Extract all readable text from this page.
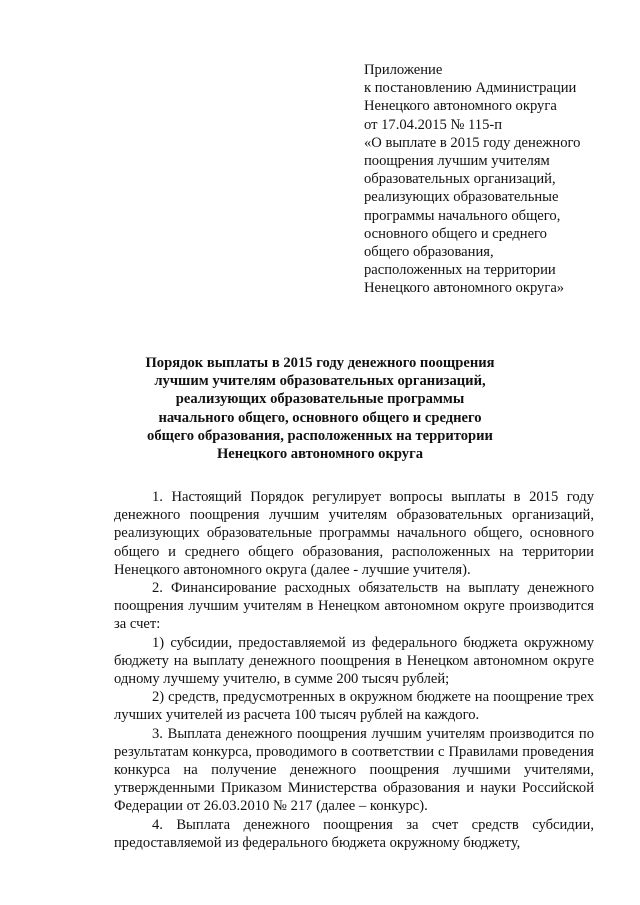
Приложение
к постановлению Администрации
Ненецкого автономного округа
от 17.04.2015 № 115-п
«О выплате в 2015 году денежного
поощрения лучшим учителям
образовательных организаций,
реализующих образовательные
программы начального общего,
основного общего и среднего
общего образования,
расположенных на территории
Ненецкого автономного округа»
Порядок выплаты в 2015 году денежного поощрения
лучшим учителям образовательных организаций,
реализующих образовательные программы
начального общего, основного общего и среднего
общего образования, расположенных на территории
Ненецкого автономного округа

1. Настоящий Порядок регулирует вопросы выплаты в 2015 году денежного поощрения лучшим учителям образовательных организаций, реализующих образовательные программы начального общего, основного общего и среднего общего образования, расположенных на территории Ненецкого автономного округа (далее - лучшие учителя).

2. Финансирование расходных обязательств на выплату денежного поощрения лучшим учителям в Ненецком автономном округе производится за счет:

1) субсидии, предоставляемой из федерального бюджета окружному бюджету на выплату денежного поощрения в Ненецком автономном округе одному лучшему учителю, в сумме 200 тысяч рублей;

2) средств, предусмотренных в окружном бюджете на поощрение трех лучших учителей из расчета 100 тысяч рублей на каждого.

3. Выплата денежного поощрения лучшим учителям производится по результатам конкурса, проводимого в соответствии с Правилами проведения конкурса на получение денежного поощрения лучшими учителями, утвержденными Приказом Министерства образования и науки Российской Федерации от 26.03.2010 № 217 (далее – конкурс).

4. Выплата денежного поощрения за счет средств субсидии, предоставляемой из федерального бюджета окружному бюджету,
